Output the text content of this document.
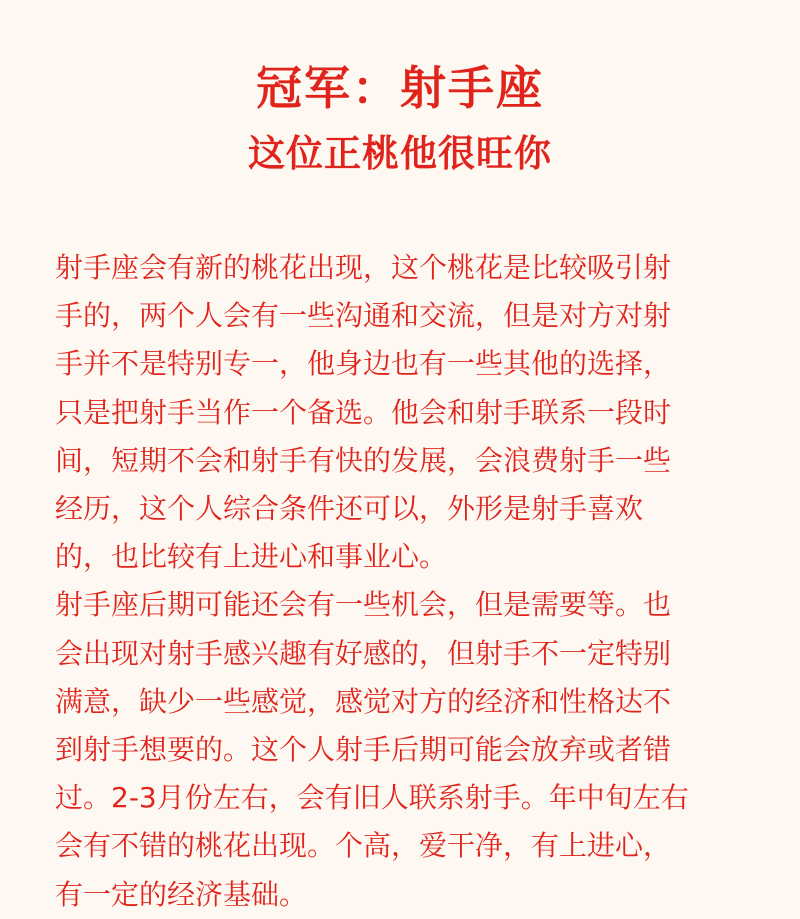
冠军：射手座
这位正桃他很旺你
射手座会有新的桃花出现，这个桃花是比较吸引射
手的，两个人会有一些沟通和交流，但是对方对射
手并不是特别专一，他身边也有一些其他的选择，
只是把射手当作一个备选。他会和射手联系一段时
间，短期不会和射手有快的发展，会浪费射手一些
经历，这个人综合条件还可以，外形是射手喜欢
的，也比较有上进心和事业心。
射手座后期可能还会有一些机会，但是需要等。也
会出现对射手感兴趣有好感的，但射手不一定特别
满意，缺少一些感觉，感觉对方的经济和性格达不
到射手想要的。这个人射手后期可能会放弃或者错
过。2-3月份左右，会有旧人联系射手。年中旬左右
会有不错的桃花出现。个高，爱干净，有上进心，
有一定的经济基础。
